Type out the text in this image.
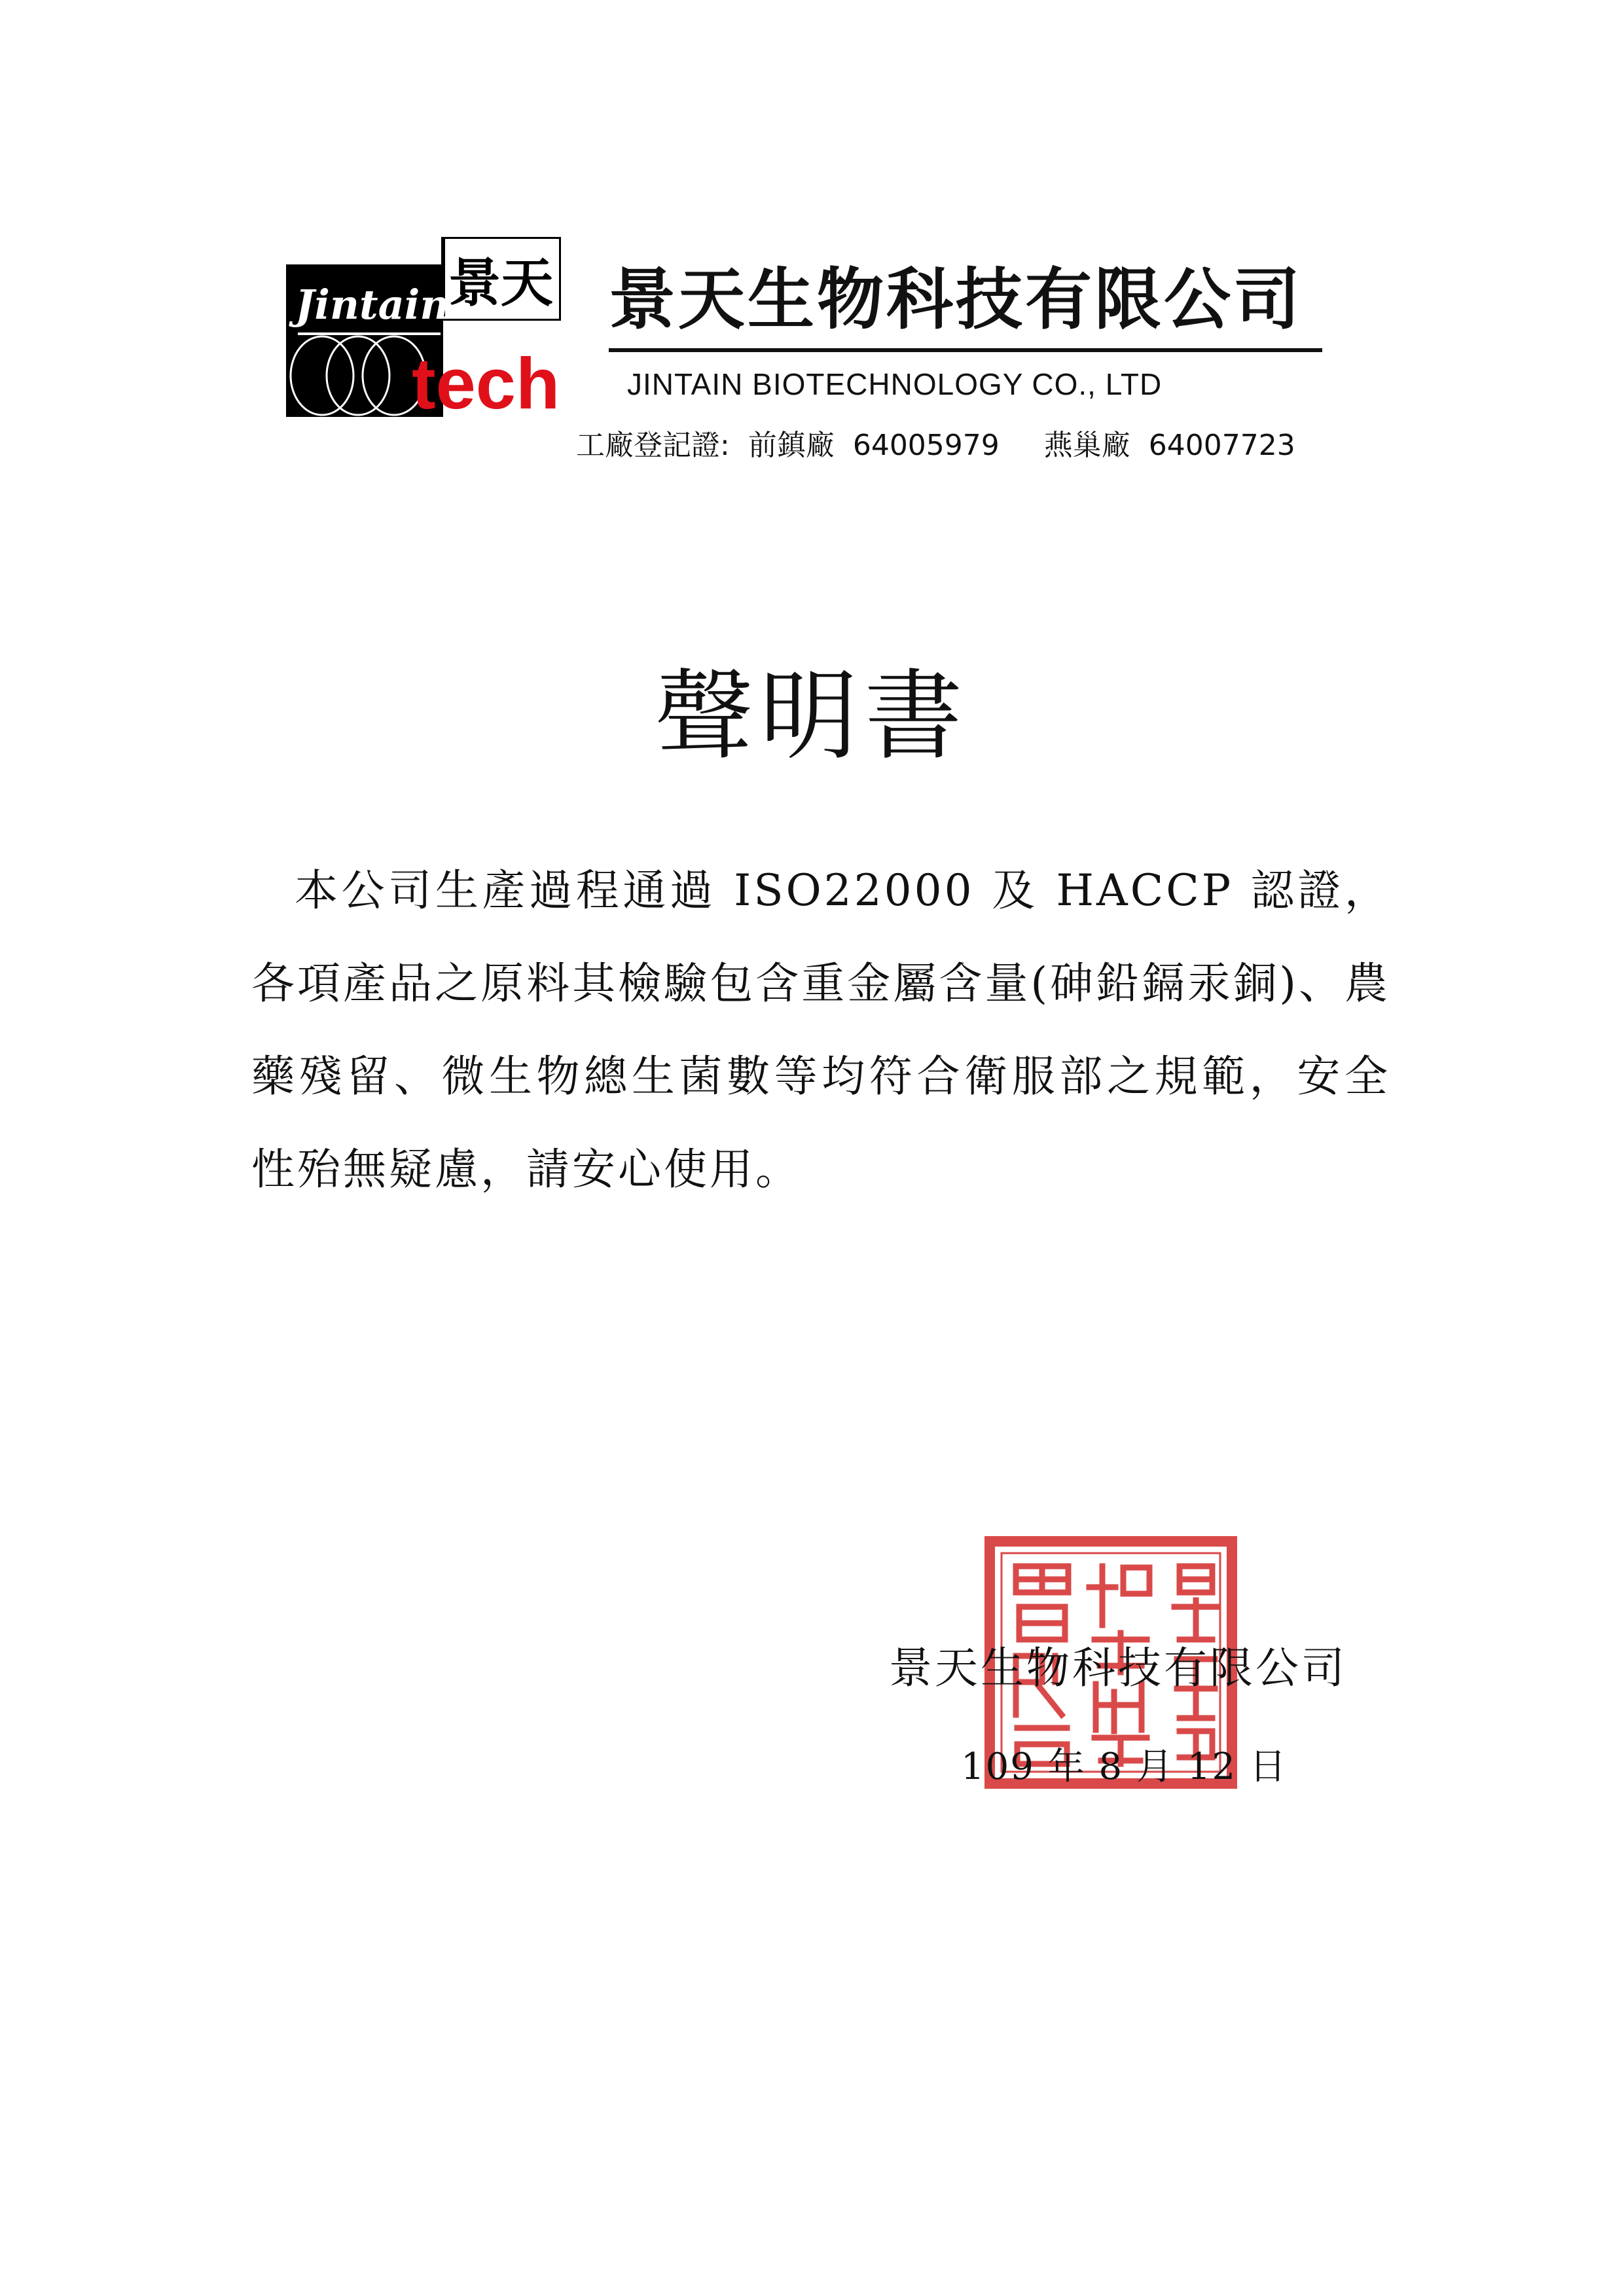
Jintain
景天
tech
景天生物科技有限公司
JINTAIN BIOTECHNOLOGY CO., LTD
工廠登記證: 前鎮廠 64005979 燕巢廠 64007723
聲明書
本公司生產過程通過 ISO22000 及 HACCP 認證，各項產品之原料其檢驗包含重金屬含量(砷鉛鎘汞銅)、農藥殘留、微生物總生菌數等均符合衛服部之規範，安全性殆無疑慮，請安心使用。
景天生物科技有限公司
109 年 8 月 12 日
